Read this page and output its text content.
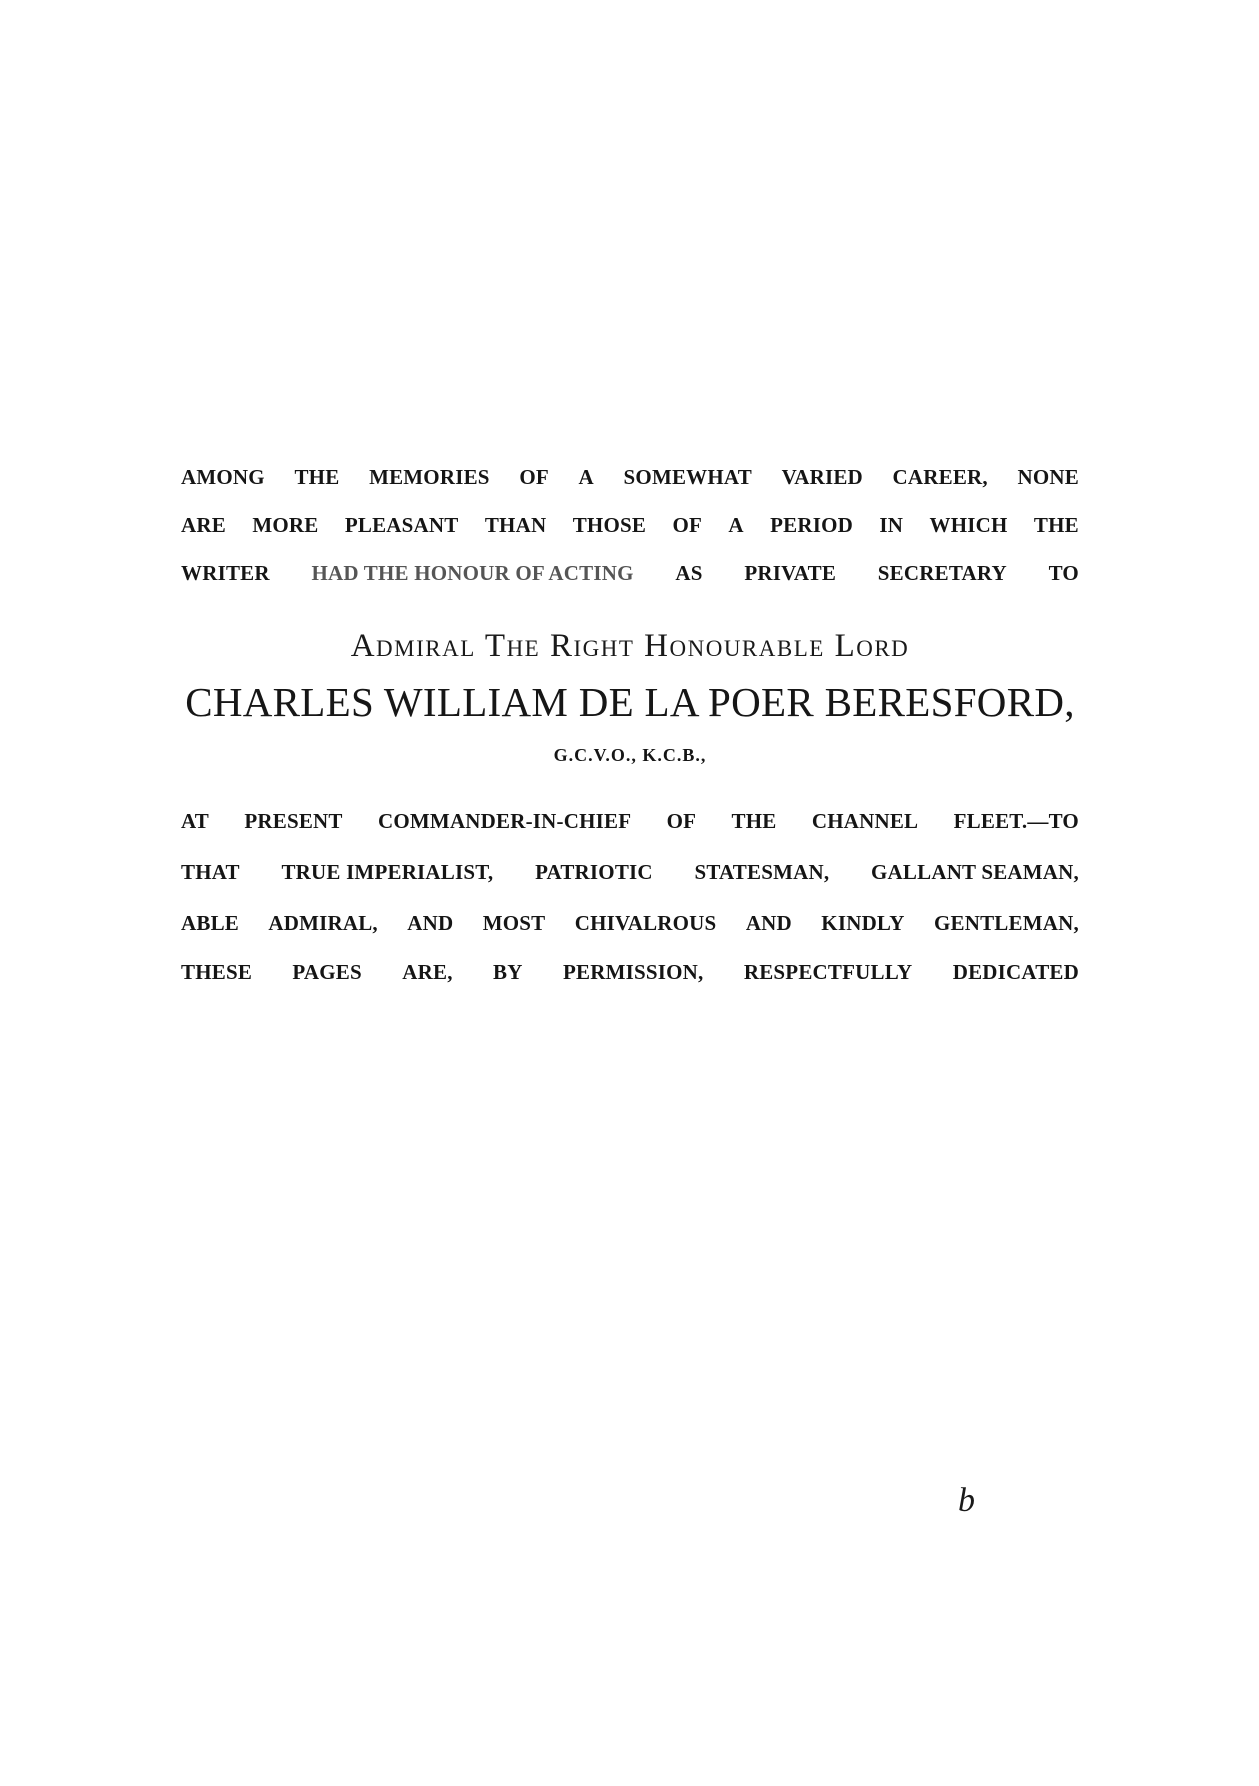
AMONG THE MEMORIES OF A SOMEWHAT VARIED CAREER, NONE
ARE MORE PLEASANT THAN THOSE OF A PERIOD IN WHICH THE
WRITER HAD THE HONOUR OF ACTING AS PRIVATE SECRETARY TO
Admiral The Right Honourable Lord
CHARLES WILLIAM DE LA POER BERESFORD,
G.C.V.O., K.C.B.,
AT PRESENT COMMANDER-IN-CHIEF OF THE CHANNEL FLEET.—TO
THAT TRUE IMPERIALIST, PATRIOTIC STATESMAN, GALLANT SEAMAN,
ABLE ADMIRAL, AND MOST CHIVALROUS AND KINDLY GENTLEMAN,
THESE PAGES ARE, BY PERMISSION, RESPECTFULLY DEDICATED
b
